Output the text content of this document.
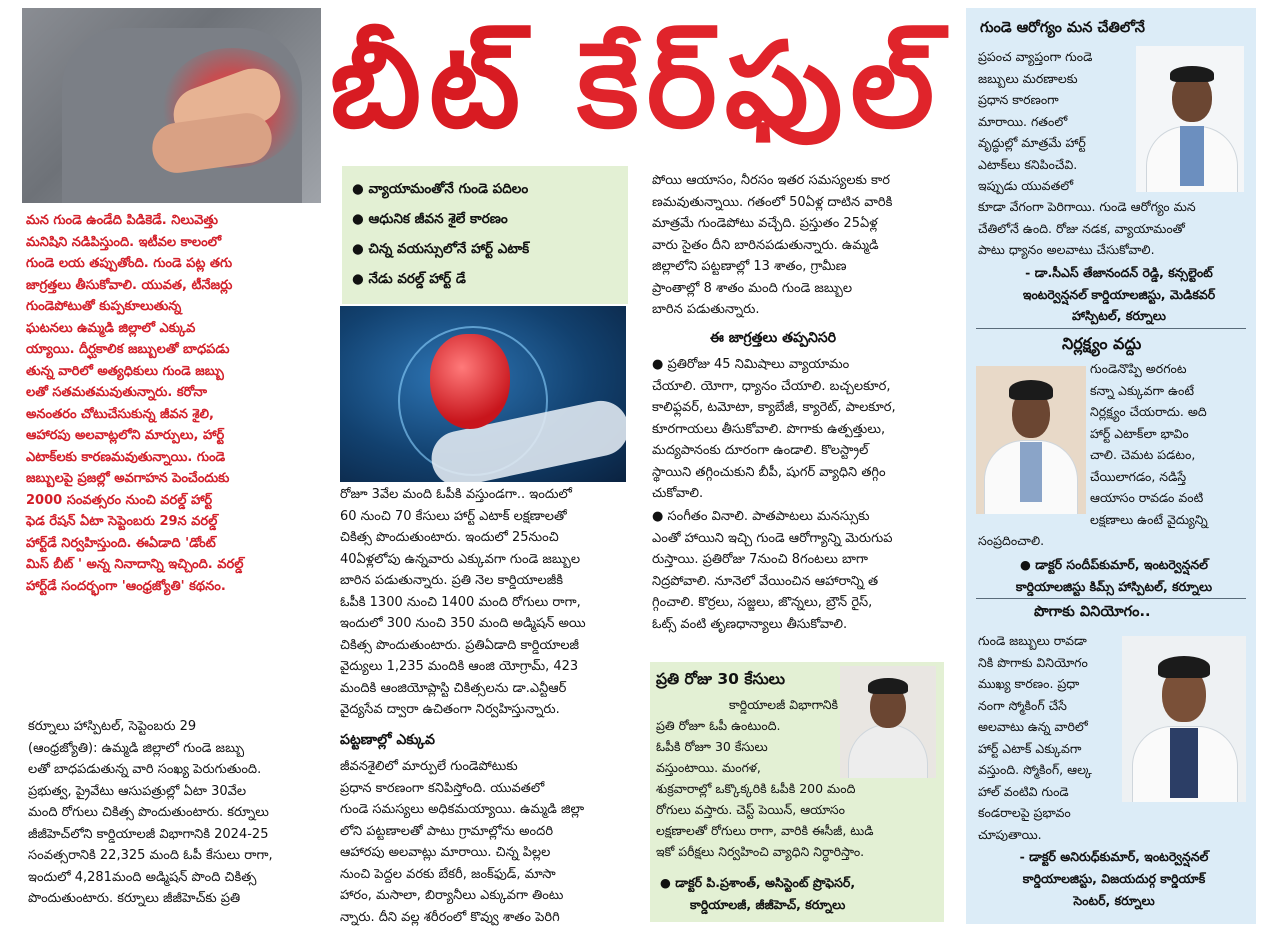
బీట్ కేర్‌ఫుల్
● వ్యాయామంతోనే గుండె పదిలం
● ఆధునిక జీవన శైలే కారణం
● చిన్న వయస్సులోనే హార్ట్ ఎటాక్
● నేడు వరల్డ్ హార్ట్ డే
మన గుండె ఉండేది పిడికెడే. నిలువెత్తు
మనిషిని నడిపిస్తుంది. ఇటీవల కాలంలో
గుండె లయ తప్పుతోంది. గుండె పట్ల తగు
జాగ్రత్తలు తీసుకోవాలి. యువత, టీనేజర్లు
గుండెపోటుతో కుప్పకూలుతున్న
ఘటనలు ఉమ్మడి జిల్లాలో ఎక్కువ
య్యాయి. దీర్ఘకాలిక జబ్బులతో బాధపడు
తున్న వారిలో అత్యధికులు గుండె జబ్బు
లతో సతమతమవుతున్నారు. కరోనా
అనంతరం చోటుచేసుకున్న జీవన శైలి,
ఆహారపు అలవాట్లలోని మార్పులు, హార్ట్
ఎటాక్‌లకు కారణమవుతున్నాయి. గుండె
జబ్బులపై ప్రజల్లో అవగాహన పెంచేందుకు
2000 సంవత్సరం నుంచి వరల్డ్ హార్ట్
ఫెడ రేషన్ ఏటా సెప్టెంబరు 29న వరల్డ్
హార్ట్‌డే నిర్వహిస్తుంది. ఈఏడాది 'డోంట్
మిస్ బీట్ ' అన్న నినాదాన్ని ఇచ్చింది. వరల్డ్
హార్ట్‌డే సందర్భంగా 'ఆంధ్రజ్యోతి' కథనం.
కర్నూలు హాస్పిటల్, సెప్టెంబరు 29
(ఆంధ్రజ్యోతి): ఉమ్మడి జిల్లాలో గుండె జబ్బు
లతో బాధపడుతున్న వారి సంఖ్య పెరుగుతుంది.
ప్రభుత్వ, ప్రైవేటు ఆసుపత్రుల్లో ఏటా 30వేల
మంది రోగులు చికిత్స పొందుతుంటారు. కర్నూలు
జీజీహెచ్‌లోని కార్డియాలజీ విభాగానికి 2024-25
సంవత్సరానికి 22,325 మంది ఓపీ కేసులు రాగా,
ఇందులో 4,281మంది అడ్మిషన్ పొంది చికిత్స
పొందుతుంటారు. కర్నూలు జీజీహెచ్‌కు ప్రతి
రోజూ 3వేల మంది ఓపీకి వస్తుండగా.. ఇందులో
60 నుంచి 70 కేసులు హార్ట్ ఎటాక్ లక్షణాలతో
చికిత్స పొందుతుంటారు. ఇందులో 25నుంచి
40ఏళ్లలోపు ఉన్నవారు ఎక్కువగా గుండె జబ్బుల
బారిన పడుతున్నారు. ప్రతి నెల కార్డియాలజీకి
ఓపీకి 1300 నుంచి 1400 మంది రోగులు రాగా,
ఇందులో 300 నుంచి 350 మంది అడ్మిషన్ అయి
చికిత్స పొందుతుంటారు. ప్రతిఏడాది కార్డియాలజీ
వైద్యులు 1,235 మందికి ఆంజి యోగ్రామ్, 423
మందికి ఆంజియోప్లాస్టి చికిత్సలను డా.ఎన్టీఆర్
వైద్యసేవ ద్వారా ఉచితంగా నిర్వహిస్తున్నారు.
పట్టణాల్లో ఎక్కువ
జీవనశైలిలో మార్పులే గుండెపోటుకు
ప్రధాన కారణంగా కనిపిస్తోంది. యువతలో
గుండె సమస్యలు అధికమయ్యాయి. ఉమ్మడి జిల్లా
లోని పట్టణాలతో పాటు గ్రామాల్లోను అందరి
ఆహారపు అలవాట్లు మారాయి. చిన్న పిల్లల
నుంచి పెద్దల వరకు బేకరీ, జంక్‌ఫుడ్, మాసా
హారం, మసాలా, బిర్యానీలు ఎక్కువగా తింటు
న్నారు. దీని వల్ల శరీరంలో కొవ్వు శాతం పెరిగి
పోయి ఆయాసం, నీరసం ఇతర సమస్యలకు కార
ణమవుతున్నాయి. గతంలో 50ఏళ్ల దాటిన వారికి
మాత్రమే గుండెపోటు వచ్చేది. ప్రస్తుతం 25ఏళ్ల
వారు సైతం దీని బారినపడుతున్నారు. ఉమ్మడి
జిల్లాలోని పట్టణాల్లో 13 శాతం, గ్రామీణ
ప్రాంతాల్లో 8 శాతం మంది గుండె జబ్బుల
బారిన పడుతున్నారు.
ఈ జాగ్రత్తలు తప్పనిసరి
● ప్రతిరోజు 45 నిమిషాలు వ్యాయామం
చేయాలి. యోగా, ధ్యానం చేయాలి. బచ్చలకూర,
కాలిఫ్లవర్, టమోటా, క్యాబేజీ, క్యారెట్, పాలకూర,
కూరగాయలు తీసుకోవాలి. పొగాకు ఉత్పత్తులు,
మద్యపానంకు దూరంగా ఉండాలి. కొలస్ట్రాల్
స్థాయిని తగ్గించుకుని బీపీ, షుగర్ వ్యాధిని తగ్గిం
చుకోవాలి.
● సంగీతం వినాలి. పాతపాటలు మనస్సుకు
ఎంతో హాయిని ఇచ్చి గుండె ఆరోగ్యాన్ని మెరుగుప
రుస్తాయి. ప్రతిరోజు 7నుంచి 8గంటలు బాగా
నిద్రపోవాలి. నూనెలో వేయించిన ఆహారాన్ని త
గ్గించాలి. కొర్రలు, సజ్జలు, జొన్నలు, బ్రౌన్ రైస్,
ఓట్స్ వంటి తృణధాన్యాలు తీసుకోవాలి.
ప్రతి రోజు 30 కేసులు
కార్డియాలజీ విభాగానికి
ప్రతి రోజూ ఓపీ ఉంటుంది.
ఓపీకి రోజూ 30 కేసులు
వస్తుంటాయి. మంగళ,
శుక్రవారాల్లో ఒక్కొక్కరికి ఓపీకి 200 మంది
రోగులు వస్తారు. చెస్ట్ పెయిన్, ఆయాసం
లక్షణాలతో రోగులు రాగా, వారికి ఈసీజీ, టుడి
ఇకో పరీక్షలు నిర్వహించి వ్యాధిని నిర్ధారిస్తాం.
● డాక్టర్ పి.ప్రశాంత్, అసిస్టెంట్ ప్రొఫెసర్,
కార్డియాలజీ, జీజీహెచ్, కర్నూలు
గుండె ఆరోగ్యం మన చేతిలోనే
ప్రపంచ వ్యాప్తంగా గుండె
జబ్బులు మరణాలకు
ప్రధాన కారణంగా
మారాయి. గతంలో
వృద్ధుల్లో మాత్రమే హార్ట్
ఎటాక్‌లు కనిపించేవి.
ఇప్పుడు యువతలో
కూడా వేగంగా పెరిగాయి. గుండె ఆరోగ్యం మన
చేతిలోనే ఉంది. రోజు నడక, వ్యాయామంతో
పాటు ధ్యానం అలవాటు చేసుకోవాలి.
- డా.సీఎస్ తేజానందన్ రెడ్డి, కన్సల్టెంట్
ఇంటర్వెన్షనల్ కార్డియాలజిస్టు, మెడికవర్
హాస్పిటల్, కర్నూలు
నిర్లక్ష్యం వద్దు
గుండెనొప్పి అరగంట
కన్నా ఎక్కువగా ఉంటే
నిర్లక్ష్యం చేయరాదు. అది
హార్ట్ ఎటాక్‌లా భావిం
చాలి. చెమట పడటం,
చేయిలాగడం, నడిస్తే
ఆయాసం రావడం వంటి
లక్షణాలు ఉంటే వైద్యున్ని
సంప్రదించాలి.
● డాక్టర్ సందీప్‌కుమార్, ఇంటర్వెన్షనల్
కార్డియాలజిస్టు కిమ్స్ హాస్పిటల్, కర్నూలు
పొగాకు వినియోగం..
గుండె జబ్బులు రావడా
నికి పొగాకు వినియోగం
ముఖ్య కారణం. ప్రధా
నంగా స్మోకింగ్ చేసే
అలవాటు ఉన్న వారిలో
హార్ట్ ఎటాక్ ఎక్కువగా
వస్తుంది. స్మోకింగ్, ఆల్క
హాల్ వంటివి గుండె
కండరాలపై ప్రభావం
చూపుతాయి.
- డాక్టర్ అనిరుధ్‌కుమార్, ఇంటర్వెన్షనల్
కార్డియాలజిస్టు, విజయదుర్గ కార్డియాక్
సెంటర్, కర్నూలు
